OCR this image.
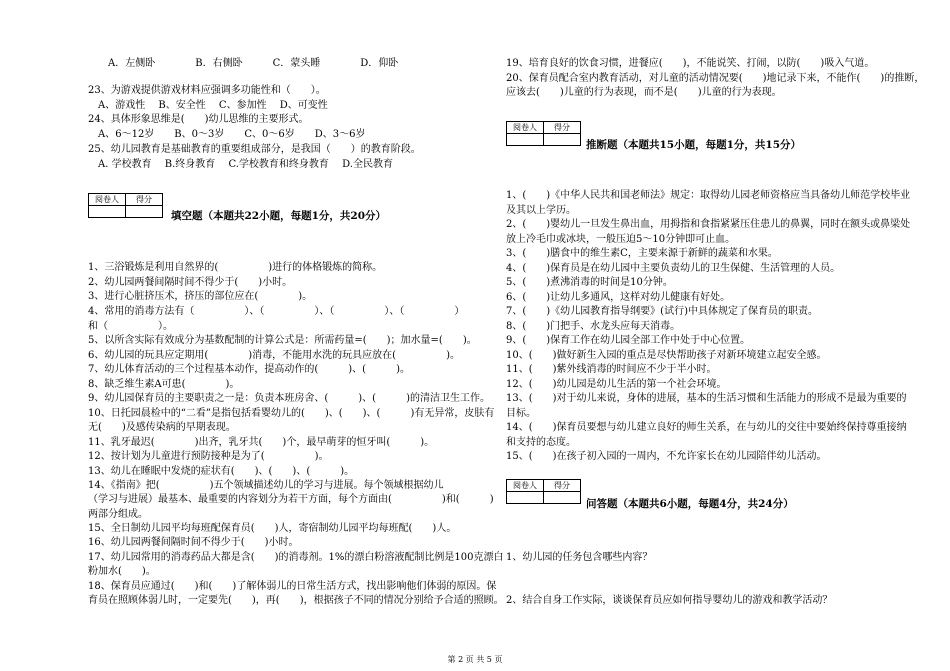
A．左侧卧　　　　B．右侧卧　　　C．蒙头睡　　　　D．仰卧
23、为游戏提供游戏材料应强调多功能性和（　　）。
A、游戏性　 B、安全性　 C、参加性　 D、可变性
24、具体形象思维是(　　)幼儿思维的主要形式。
A、6～12岁　　B、0～3岁　　C、0～6岁　　D、3～6岁
25、幼儿园教育是基础教育的重要组成部分，是我国（　　）的教育阶段。
A. 学校教育　 B.终身教育　 C.学校教育和终身教育　 D.全民教育
阅卷人	得分
填空题（本题共22小题，每题1分，共20分）
1、三浴锻炼是利用自然界的(　　　　　)进行的体格锻炼的简称。
2、幼儿园两餐间隔时间不得少于(　　)小时。
3、进行心脏挤压术，挤压的部位应在(　　　　)。
4、常用的消毒方法有（　　　　　）、（　　　　　）、（　　　　　）、（　　　　　）
和（　　　　　）。
5、以所含实际有效成分为基数配制的计算公式是：所需药量=(　　)；加水量=(　　)。
6、幼儿园的玩具应定期用(　　　　)消毒，不能用水洗的玩具应放在(　　　　　)。
7、幼儿体育活动的三个过程基本动作，提高动作的(　　　)、(　　　)。
8、缺乏维生素A可患(　　　　)。
9、幼儿园保育员的主要职责之一是：负责本班房舍、(　　　)、(　　　)的清洁卫生工作。
10、日托园晨检中的“二看”是指包括看婴幼儿的(　　)、(　　)、(　　　)有无异常，皮肤有
无(　　)及感传染病的早期表现。
11、乳牙最迟(　　　　)出齐，乳牙共(　　)个，最早萌芽的恒牙叫(　　　)。
12、按计划为儿童进行预防接种是为了(　　　　　)。
13、幼儿在睡眠中发烧的症状有(　　)、(　　)、(　　　)。
14、《指南》把(　　　　　)五个领域描述幼儿的学习与进展。每个领域根据幼儿
（学习与进展）最基本、最重要的内容划分为若干方面，每个方面由(　　　　　)和(　　　)
两部分组成。
15、全日制幼儿园平均每班配保育员(　　)人，寄宿制幼儿园平均每班配(　　)人。
16、幼儿园两餐间隔时间不得少于(　　)小时。
17、幼儿园常用的消毒药品大都是含(　　)的消毒剂。1%的漂白粉溶液配制比例是100克漂白
粉加水(　　)。
18、保育员应通过(　　)和(　　)了解体弱儿的日常生活方式，找出影响他们体弱的原因。保
育员在照顾体弱儿时，一定要先(　　)，再(　　)，根据孩子不同的情况分别给予合适的照顾。
19、培育良好的饮食习惯，进餐应(　　)，不能说笑、打闹，以防(　　)吸入气道。
20、保育员配合室内教育活动，对儿童的活动情况要(　　)地记录下来，不能作(　　)的推断，
应该去(　　)儿童的行为表现，而不是(　　)儿童的行为表现。
阅卷人	得分
推断题（本题共15小题，每题1分，共15分）
1、(　　)《中华人民共和国老师法》规定：取得幼儿园老师资格应当具备幼儿师范学校毕业
及其以上学历。
2、(　　)婴幼儿一旦发生鼻出血，用拇指和食指紧紧压住患儿的鼻翼，同时在额头或鼻梁处
放上冷毛巾或冰块，一般压迫5～10分钟即可止血。
3、(　　)膳食中的维生素C，主要来源于新鲜的蔬菜和水果。
4、(　　)保育员是在幼儿园中主要负责幼儿的卫生保健、生活管理的人员。
5、(　　)煮沸消毒的时间是10分钟。
6、(　　)让幼儿多通风，这样对幼儿健康有好处。
7、(　　)《幼儿园教育指导纲要》(试行)中具体规定了保育员的职责。
8、(　　)门把手、水龙头应每天消毒。
9、(　　)保育工作在幼儿园全部工作中处于中心位置。
10、(　　)做好新生入园的重点是尽快帮助孩子对新环境建立起安全感。
11、(　　)紫外线消毒的时间应不少于半小时。
12、(　　)幼儿园是幼儿生活的第一个社会环境。
13、(　　)对于幼儿来说，身体的进展，基本的生活习惯和生活能力的形成不是最为重要的
目标。
14、(　　)保育员要想与幼儿建立良好的师生关系，在与幼儿的交往中要始终保持尊重接纳
和支持的态度。
15、(　　)在孩子初入园的一周内，不允许家长在幼儿园陪伴幼儿活动。
阅卷人	得分
问答题（本题共6小题，每题4分，共24分）
1、幼儿园的任务包含哪些内容？
2、结合自身工作实际，谈谈保育员应如何指导婴幼儿的游戏和教学活动？
第 2 页 共 5 页
